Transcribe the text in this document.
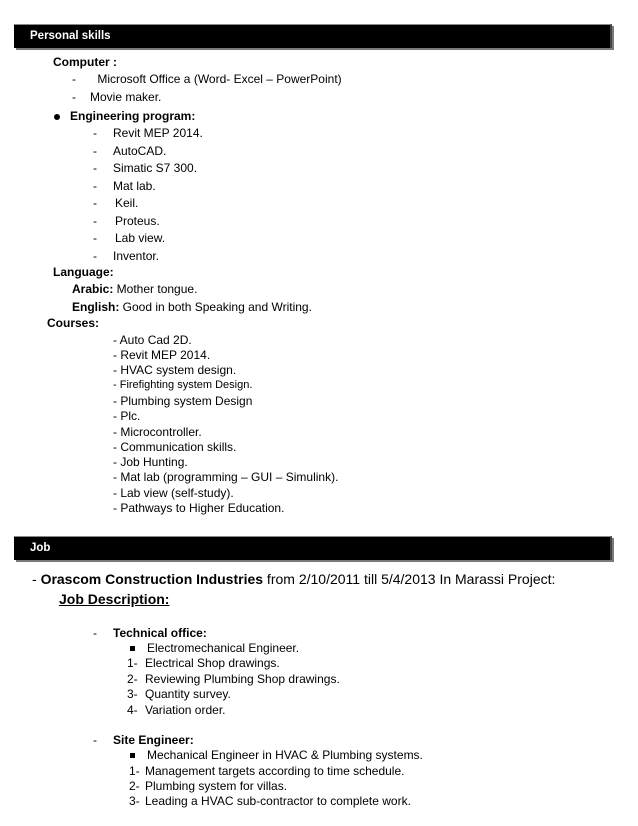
Personal skills
Computer :
- Microsoft Office a (Word- Excel – PowerPoint)
- Movie maker.
Engineering program:
- Revit MEP 2014.
- AutoCAD.
- Simatic S7 300.
- Mat lab.
- Keil.
- Proteus.
- Lab view.
- Inventor.
Language:
Arabic: Mother tongue.
English: Good in both Speaking and Writing.
Courses:
- Auto Cad 2D.
- Revit MEP 2014.
- HVAC system design.
- Firefighting system Design.
- Plumbing system Design
- Plc.
- Microcontroller.
- Communication skills.
- Job Hunting.
- Mat lab (programming – GUI – Simulink).
- Lab view (self-study).
- Pathways to Higher Education.
Job
- Orascom Construction Industries from 2/10/2011 till 5/4/2013 In Marassi Project:
Job Description:
- Technical office:
Electromechanical Engineer.
1- Electrical Shop drawings.
2- Reviewing Plumbing Shop drawings.
3- Quantity survey.
4- Variation order.
- Site Engineer:
Mechanical Engineer in HVAC & Plumbing systems.
1- Management targets according to time schedule.
2- Plumbing system for villas.
3- Leading a HVAC sub-contractor to complete work.
